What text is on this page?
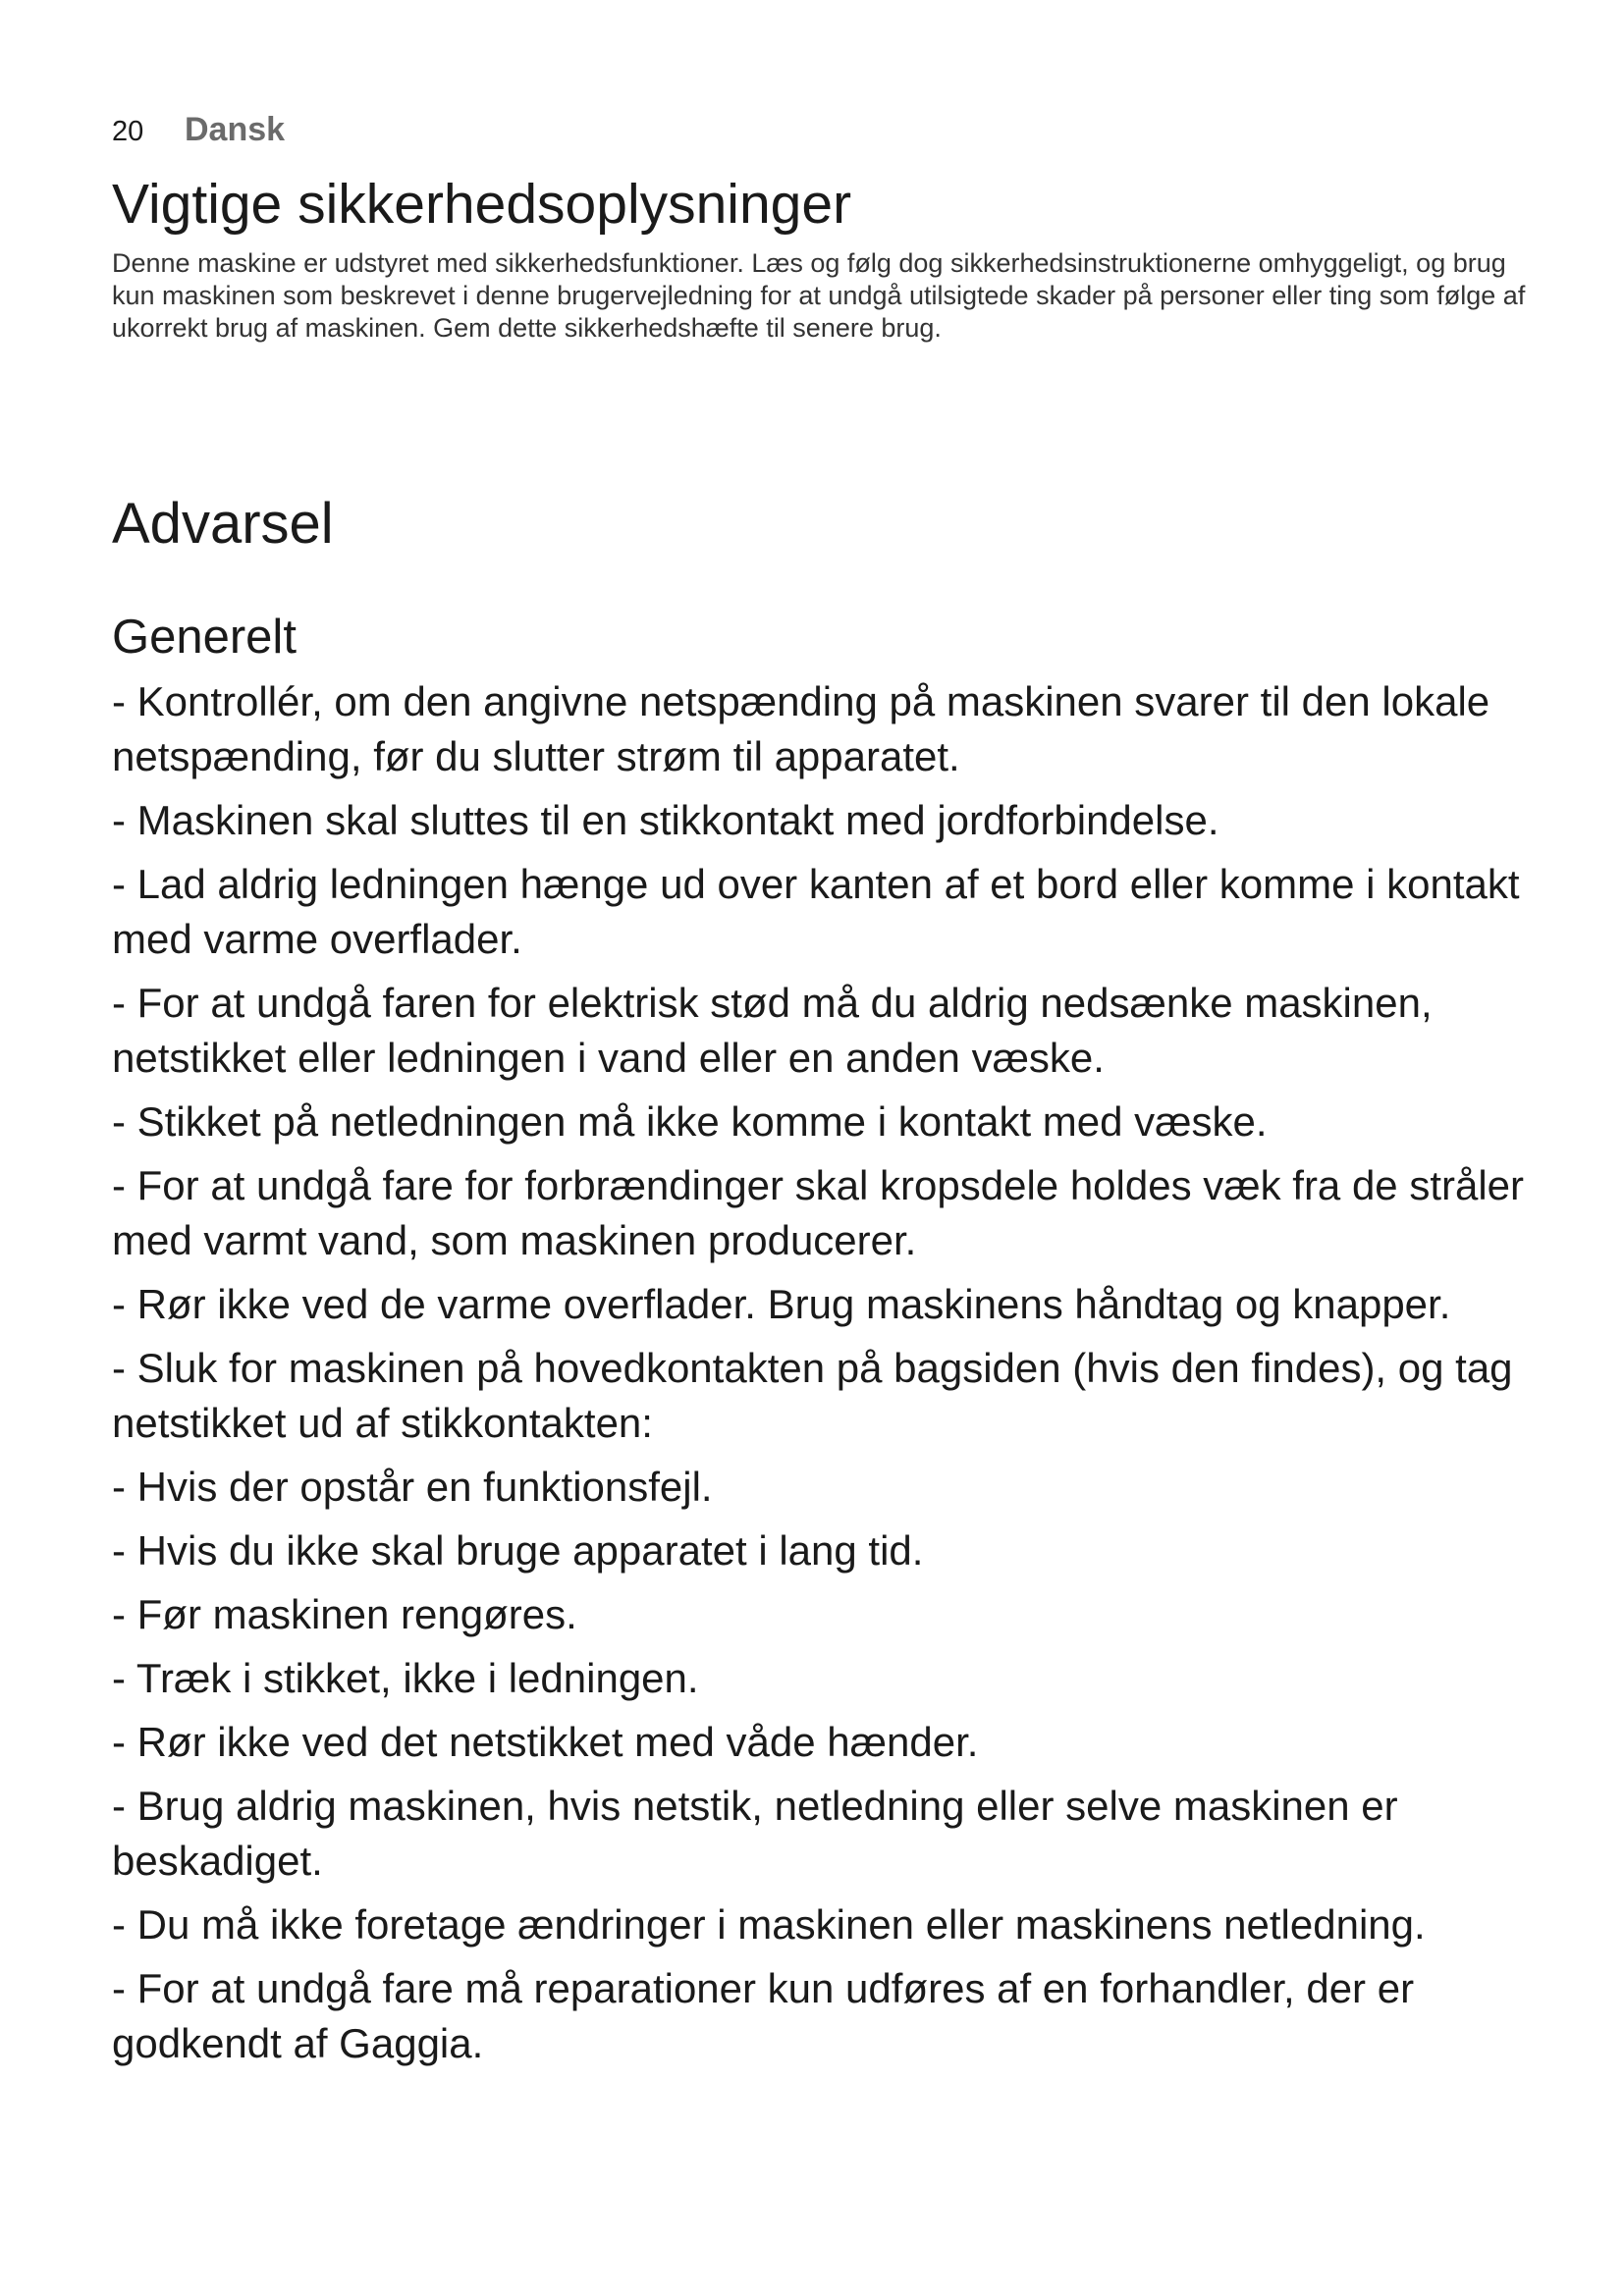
20	Dansk
Vigtige sikkerhedsoplysninger

Denne maskine er udstyret med sikkerhedsfunktioner. Læs og følg dog sikkerhedsinstruktionerne omhyggeligt, og brug kun maskinen som beskrevet i denne brugervejledning for at undgå utilsigtede skader på personer eller ting som følge af ukorrekt brug af maskinen. Gem dette sikkerhedshæfte til senere brug.

Advarsel
Generelt
- Kontrollér, om den angivne netspænding på maskinen svarer til den lokale netspænding, før du slutter strøm til apparatet.
- Maskinen skal sluttes til en stikkontakt med jordforbindelse.
- Lad aldrig ledningen hænge ud over kanten af et bord eller komme i kontakt med varme overflader.
- For at undgå faren for elektrisk stød må du aldrig nedsænke maskinen, netstikket eller ledningen i vand eller en anden væske.
- Stikket på netledningen må ikke komme i kontakt med væske.
- For at undgå fare for forbrændinger skal kropsdele holdes væk fra de stråler med varmt vand, som maskinen producerer.
- Rør ikke ved de varme overflader. Brug maskinens håndtag og knapper.
- Sluk for maskinen på hovedkontakten på bagsiden (hvis den findes), og tag netstikket ud af stikkontakten:
- Hvis der opstår en funktionsfejl.
- Hvis du ikke skal bruge apparatet i lang tid.
- Før maskinen rengøres.
- Træk i stikket, ikke i ledningen.
- Rør ikke ved det netstikket med våde hænder.
- Brug aldrig maskinen, hvis netstik, netledning eller selve maskinen er beskadiget.
- Du må ikke foretage ændringer i maskinen eller maskinens netledning.
- For at undgå fare må reparationer kun udføres af en forhandler, der er godkendt af Gaggia.
